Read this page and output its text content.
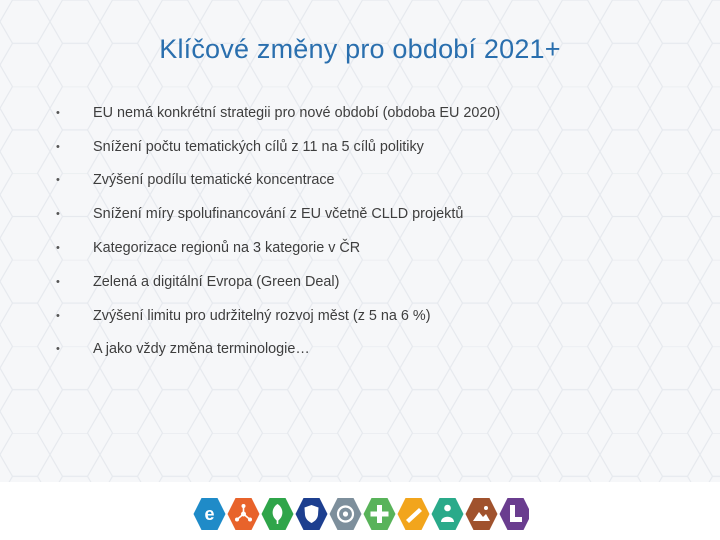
Klíčové změny pro období 2021+
•	EU nemá konkrétní strategii pro nové období (obdoba EU 2020)
•	Snížení počtu tematických cílů z 11 na 5 cílů politiky
•	Zvýšení podílu tematické koncentrace
•	Snížení míry spolufinancování z EU včetně CLLD projektů
•	Kategorizace regionů na 3 kategorie v ČR
•	Zelená a digitální Evropa (Green Deal)
•	Zvýšení limitu pro udržitelný rozvoj měst (z 5 na 6 %)
•	A jako vždy změna terminologie…
e
